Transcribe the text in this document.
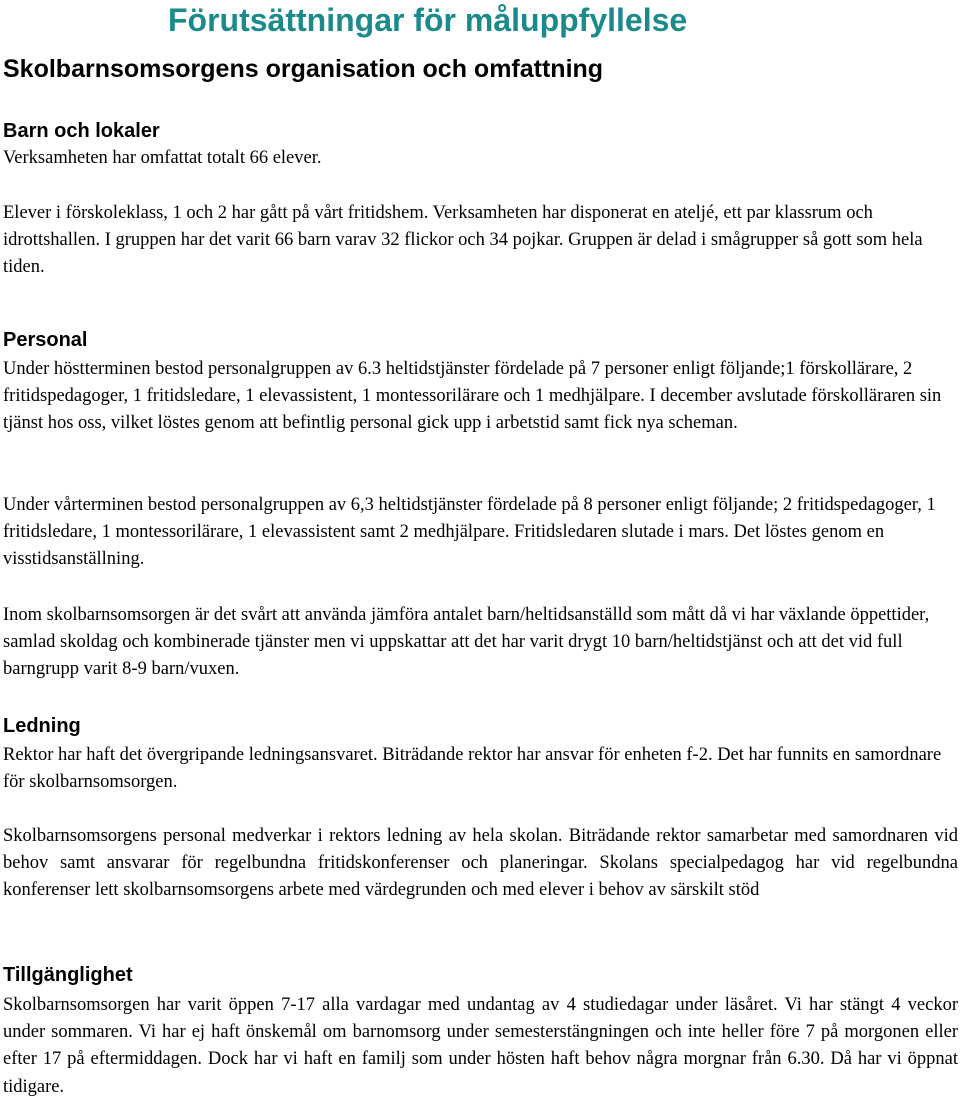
Förutsättningar för måluppfyllelse
Skolbarnsomsorgens organisation och omfattning
Barn och lokaler

Verksamheten har omfattat totalt 66 elever.

Elever i förskoleklass, 1 och 2 har gått på vårt fritidshem. Verksamheten har disponerat en ateljé, ett par klassrum och idrottshallen. I gruppen har det varit 66 barn varav 32 flickor och 34 pojkar. Gruppen är delad i smågrupper så gott som hela tiden.

Personal

Under höstterminen bestod personalgruppen av 6.3 heltidstjänster fördelade på 7 personer enligt följande;1 förskollärare, 2 fritidspedagoger, 1 fritidsledare, 1 elevassistent, 1 montessorilärare och 1 medhjälpare. I december avslutade förskolläraren sin tjänst hos oss, vilket löstes genom att befintlig personal gick upp i arbetstid samt fick nya scheman.

Under vårterminen bestod personalgruppen av 6,3 heltidstjänster fördelade på 8 personer enligt följande; 2 fritidspedagoger, 1 fritidsledare, 1 montessorilärare, 1 elevassistent samt 2 medhjälpare. Fritidsledaren slutade i mars. Det löstes genom en visstidsanställning.

Inom skolbarnsomsorgen är det svårt att använda jämföra antalet barn/heltidsanställd som mått då vi har växlande öppettider, samlad skoldag och kombinerade tjänster men vi uppskattar att det har varit drygt 10 barn/heltidstjänst och att det vid full barngrupp varit 8-9 barn/vuxen.

Ledning

Rektor har haft det övergripande ledningsansvaret. Biträdande rektor har ansvar för enheten f-2. Det har funnits en samordnare för skolbarnsomsorgen.

Skolbarnsomsorgens personal medverkar i rektors ledning av hela skolan. Biträdande rektor samarbetar med samordnaren vid behov samt ansvarar för regelbundna fritidskonferenser och planeringar. Skolans specialpedagog har vid regelbundna konferenser lett skolbarnsomsorgens arbete med värdegrunden och med elever i behov av särskilt stöd

Tillgänglighet

Skolbarnsomsorgen har varit öppen 7-17 alla vardagar med undantag av 4 studiedagar under läsåret. Vi har stängt 4 veckor under sommaren. Vi har ej haft önskemål om barnomsorg under semesterstängningen och inte heller före 7 på morgonen eller efter 17 på eftermiddagen. Dock har vi haft en familj som under hösten haft behov några morgnar från 6.30. Då har vi öppnat tidigare.
